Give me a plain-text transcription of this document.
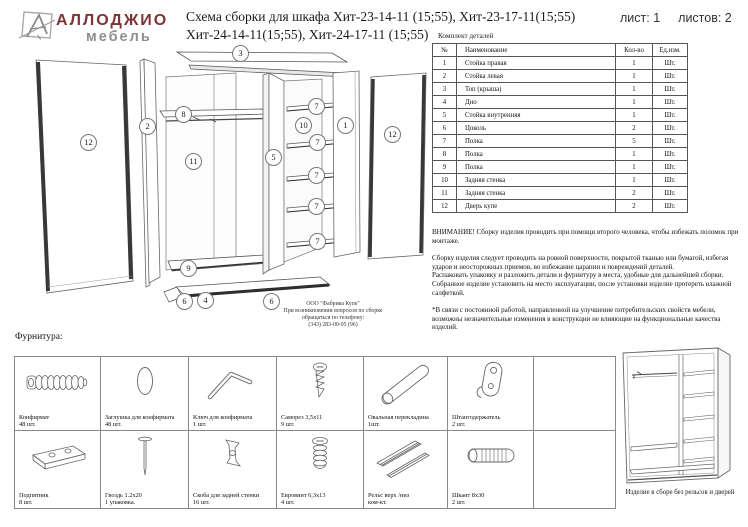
АЛЛОДЖИО
мебель
Схема сборки для шкафа Хит-23-14-11 (15;55), Хит-23-17-11(15;55)
Хит-24-14-11(15;55), Хит-24-17-11 (15;55)
лист: 1 листов: 2
12
2
8
11
9
3
5
10
7
7
7
7
7
1
12
6	4	6
Комплект деталей
№	Наименование	Кол-во	Ед.изм.
1	Стойка правая	1	Шт.
2	Стойка левая	1	Шт.
3	Топ (крыша)	1	Шт.
4	Дно	1	Шт.
5	Стойка внутренняя	1	Шт.
6	Цоколь	2	Шт.
7	Полка	5	Шт.
8	Полка	1	Шт.
9	Полка	1	Шт.
10	Задняя стенка	1	Шт.
11	Задняя стенка	2	Шт.
12	Дверь купе	2	Шт.
ВНИМАНИЕ! Сборку изделия проводить при помощи второго человека, чтобы избежать поломок при монтаже.
Сборку изделия следует проводить на ровной поверхности, покрытой тканью или бумагой, избегая ударов и неосторожных приемов, во избежание царапин и повреждений деталей.
Распаковать упаковку и разложить детали и фурнитуру в места, удобные для дальнейшей сборки.
Собранное изделие установить на место эксплуатации, после установки изделие протереть влажной салфеткой.
*В связи с постоянной работой, направленной на улучшение потребительских свойств мебели, возможны незначительные изменения в конструкции не влияющие на функциональные качества изделий.
ООО "Фабрика Купе"
При возникновении вопросов по сборке
обращаться по телефону:
(343) 283-00-95 (96)
Фурнитура:
Конфирмат
48 шт.
Заглушка для конфирмата
48 шт.
Ключ для конфирмата
1 шт.
Саморез 3,5х11
9 шт.
Овальная перекладина
1шт.
Штангодержатель
2 шт.
Подпятник
8 шт.
Гвоздь 1.2х20
1 упаковка.
Скоба для задней стенки
16 шт.
Евровинт 6,3х13
4 шт.
Рельс верх /низ
ком-кт.
Шкант 8х30
2 шт.
Изделие в сборе без рельсов и дверей
